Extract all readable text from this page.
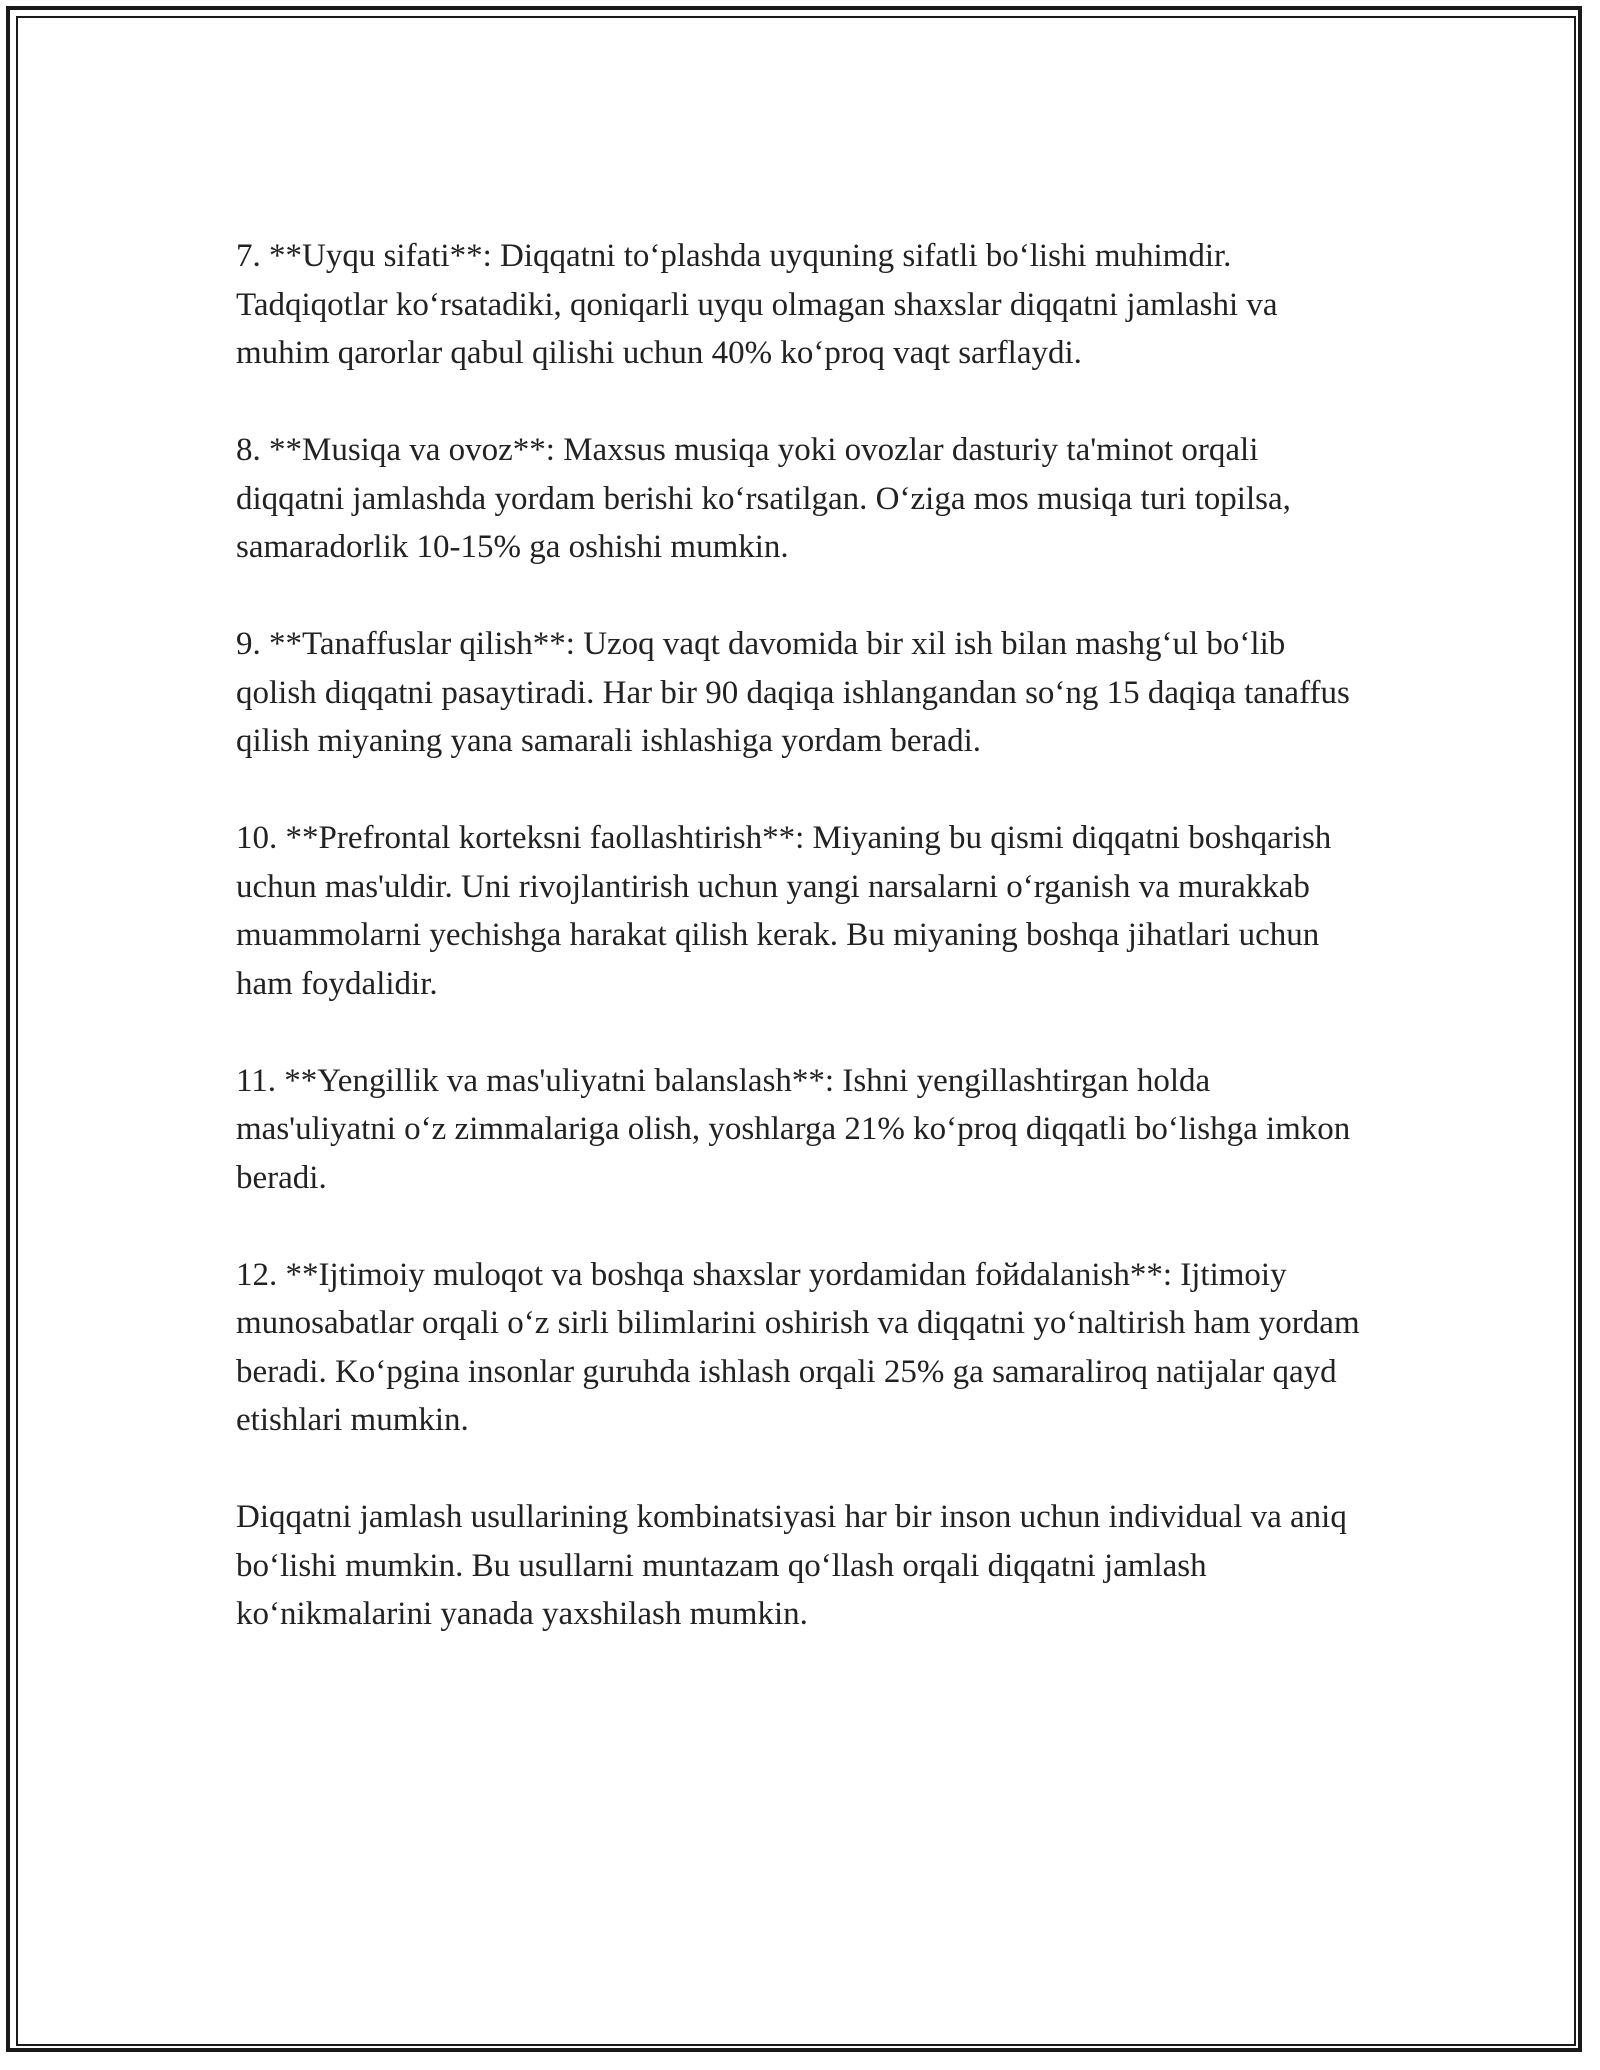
7. **Uyqu sifati**: Diqqatni to‘plashda uyquning sifatli bo‘lishi muhimdir. Tadqiqotlar ko‘rsatadiki, qoniqarli uyqu olmagan shaxslar diqqatni jamlashi va muhim qarorlar qabul qilishi uchun 40% ko‘proq vaqt sarflaydi.

8. **Musiqa va ovoz**: Maxsus musiqa yoki ovozlar dasturiy ta'minot orqali diqqatni jamlashda yordam berishi ko‘rsatilgan. O‘ziga mos musiqa turi topilsa, samaradorlik 10-15% ga oshishi mumkin.

9. **Tanaffuslar qilish**: Uzoq vaqt davomida bir xil ish bilan mashg‘ul bo‘lib qolish diqqatni pasaytiradi. Har bir 90 daqiqa ishlangandan so‘ng 15 daqiqa tanaffus qilish miyaning yana samarali ishlashiga yordam beradi.

10. **Prefrontal korteksni faollashtirish**: Miyaning bu qismi diqqatni boshqarish uchun mas'uldir. Uni rivojlantirish uchun yangi narsalarni o‘rganish va murakkab muammolarni yechishga harakat qilish kerak. Bu miyaning boshqa jihatlari uchun ham foydalidir.

11. **Yengillik va mas'uliyatni balanslash**: Ishni yengillashtirgan holda mas'uliyatni o‘z zimmalariga olish, yoshlarga 21% ko‘proq diqqatli bo‘lishga imkon beradi.

12. **Ijtimoiy muloqot va boshqa shaxslar yordamidan foйdalanish**: Ijtimoiy munosabatlar orqali o‘z sirli bilimlarini oshirish va diqqatni yo‘naltirish ham yordam beradi. Ko‘pgina insonlar guruhda ishlash orqali 25% ga samaraliroq natijalar qayd etishlari mumkin.

Diqqatni jamlash usullarining kombinatsiyasi har bir inson uchun individual va aniq bo‘lishi mumkin. Bu usullarni muntazam qo‘llash orqali diqqatni jamlash ko‘nikmalarini yanada yaxshilash mumkin.
